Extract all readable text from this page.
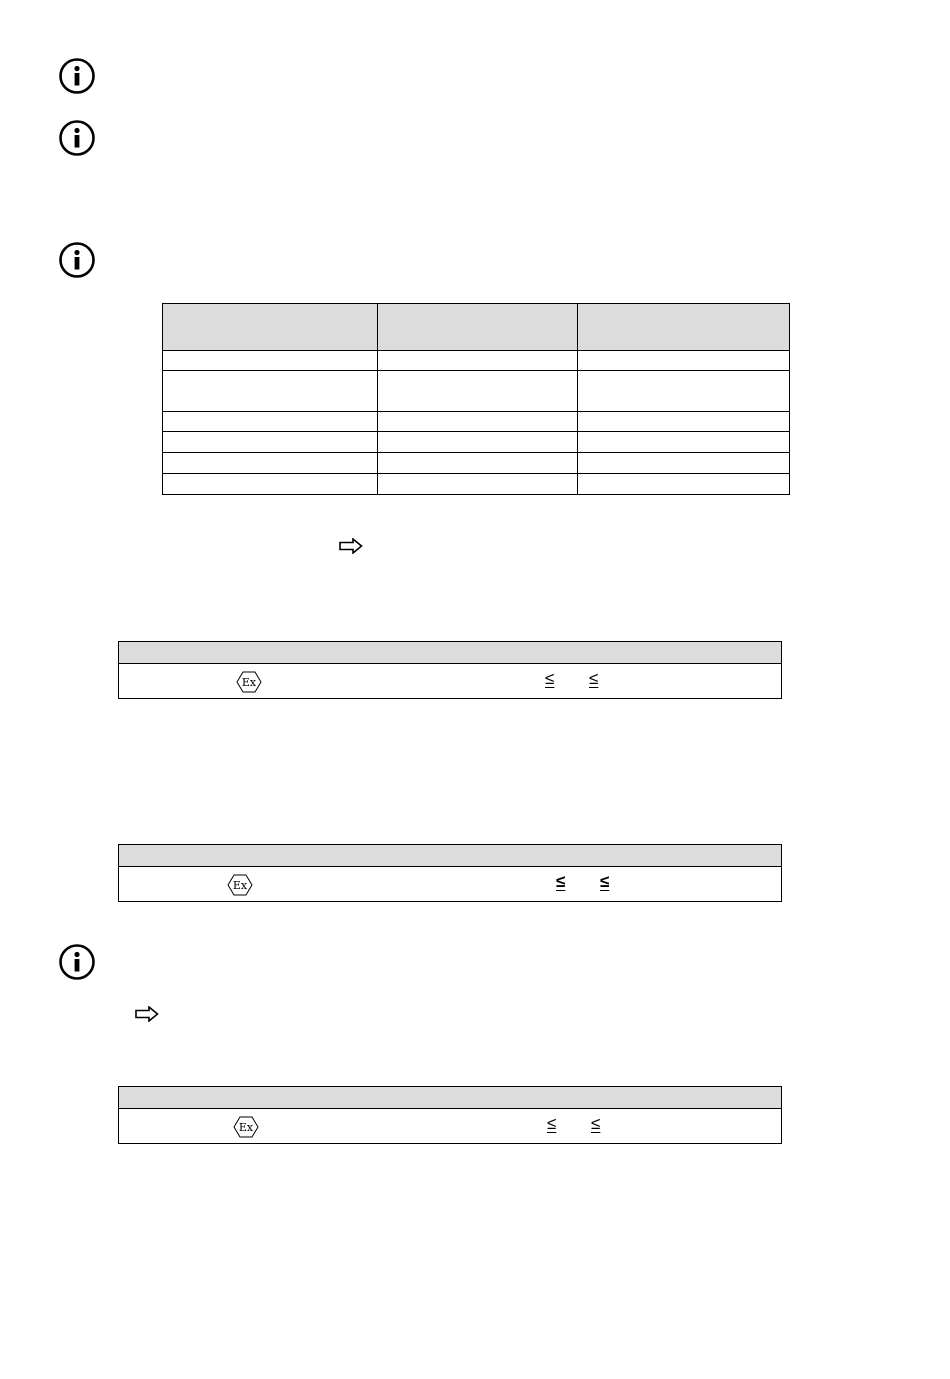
Ex	≤ ≤
Ex	≤ ≤
Ex	≤ ≤
